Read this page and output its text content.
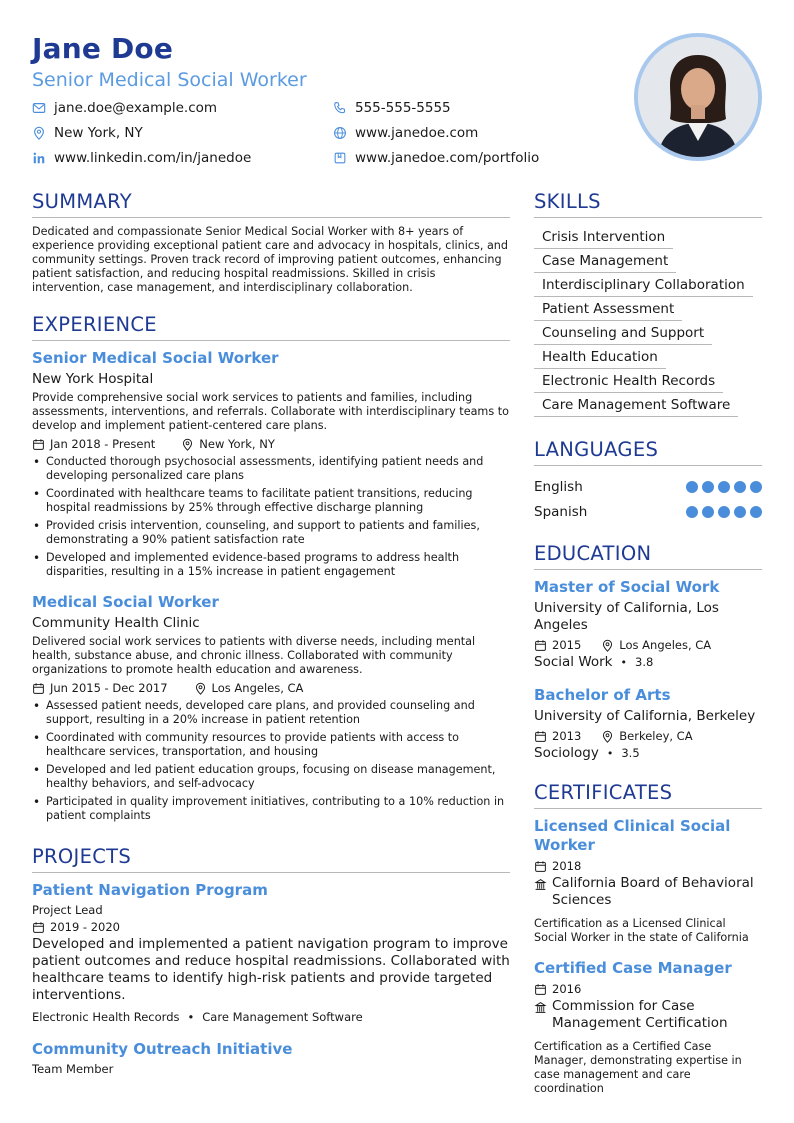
Jane Doe
Senior Medical Social Worker
jane.doe@example.com	555-555-5555
New York, NY	www.janedoe.com
www.linkedin.com/in/janedoe	www.janedoe.com/portfolio
SUMMARY
Dedicated and compassionate Senior Medical Social Worker with 8+ years of experience providing exceptional patient care and advocacy in hospitals, clinics, and community settings. Proven track record of improving patient outcomes, enhancing patient satisfaction, and reducing hospital readmissions. Skilled in crisis intervention, case management, and interdisciplinary collaboration.
EXPERIENCE
Senior Medical Social Worker
New York Hospital
Provide comprehensive social work services to patients and families, including assessments, interventions, and referrals. Collaborate with interdisciplinary teams to develop and implement patient-centered care plans.
Jan 2018 - Present	New York, NY
• Conducted thorough psychosocial assessments, identifying patient needs and developing personalized care plans
• Coordinated with healthcare teams to facilitate patient transitions, reducing hospital readmissions by 25% through effective discharge planning
• Provided crisis intervention, counseling, and support to patients and families, demonstrating a 90% patient satisfaction rate
• Developed and implemented evidence-based programs to address health disparities, resulting in a 15% increase in patient engagement
Medical Social Worker
Community Health Clinic
Delivered social work services to patients with diverse needs, including mental health, substance abuse, and chronic illness. Collaborated with community organizations to promote health education and awareness.
Jun 2015 - Dec 2017	Los Angeles, CA
• Assessed patient needs, developed care plans, and provided counseling and support, resulting in a 20% increase in patient retention
• Coordinated with community resources to provide patients with access to healthcare services, transportation, and housing
• Developed and led patient education groups, focusing on disease management, healthy behaviors, and self-advocacy
• Participated in quality improvement initiatives, contributing to a 10% reduction in patient complaints
PROJECTS
Patient Navigation Program
Project Lead
2019 - 2020
Developed and implemented a patient navigation program to improve patient outcomes and reduce hospital readmissions. Collaborated with healthcare teams to identify high-risk patients and provide targeted interventions.
Electronic Health Records • Care Management Software
Community Outreach Initiative
Team Member
SKILLS
Crisis Intervention
Case Management
Interdisciplinary Collaboration
Patient Assessment
Counseling and Support
Health Education
Electronic Health Records
Care Management Software
LANGUAGES
English
Spanish
EDUCATION
Master of Social Work
University of California, Los Angeles
2015	Los Angeles, CA
Social Work • 3.8
Bachelor of Arts
University of California, Berkeley
2013	Berkeley, CA
Sociology • 3.5
CERTIFICATES
Licensed Clinical Social Worker
2018
California Board of Behavioral Sciences
Certification as a Licensed Clinical Social Worker in the state of California
Certified Case Manager
2016
Commission for Case Management Certification
Certification as a Certified Case Manager, demonstrating expertise in case management and care coordination
